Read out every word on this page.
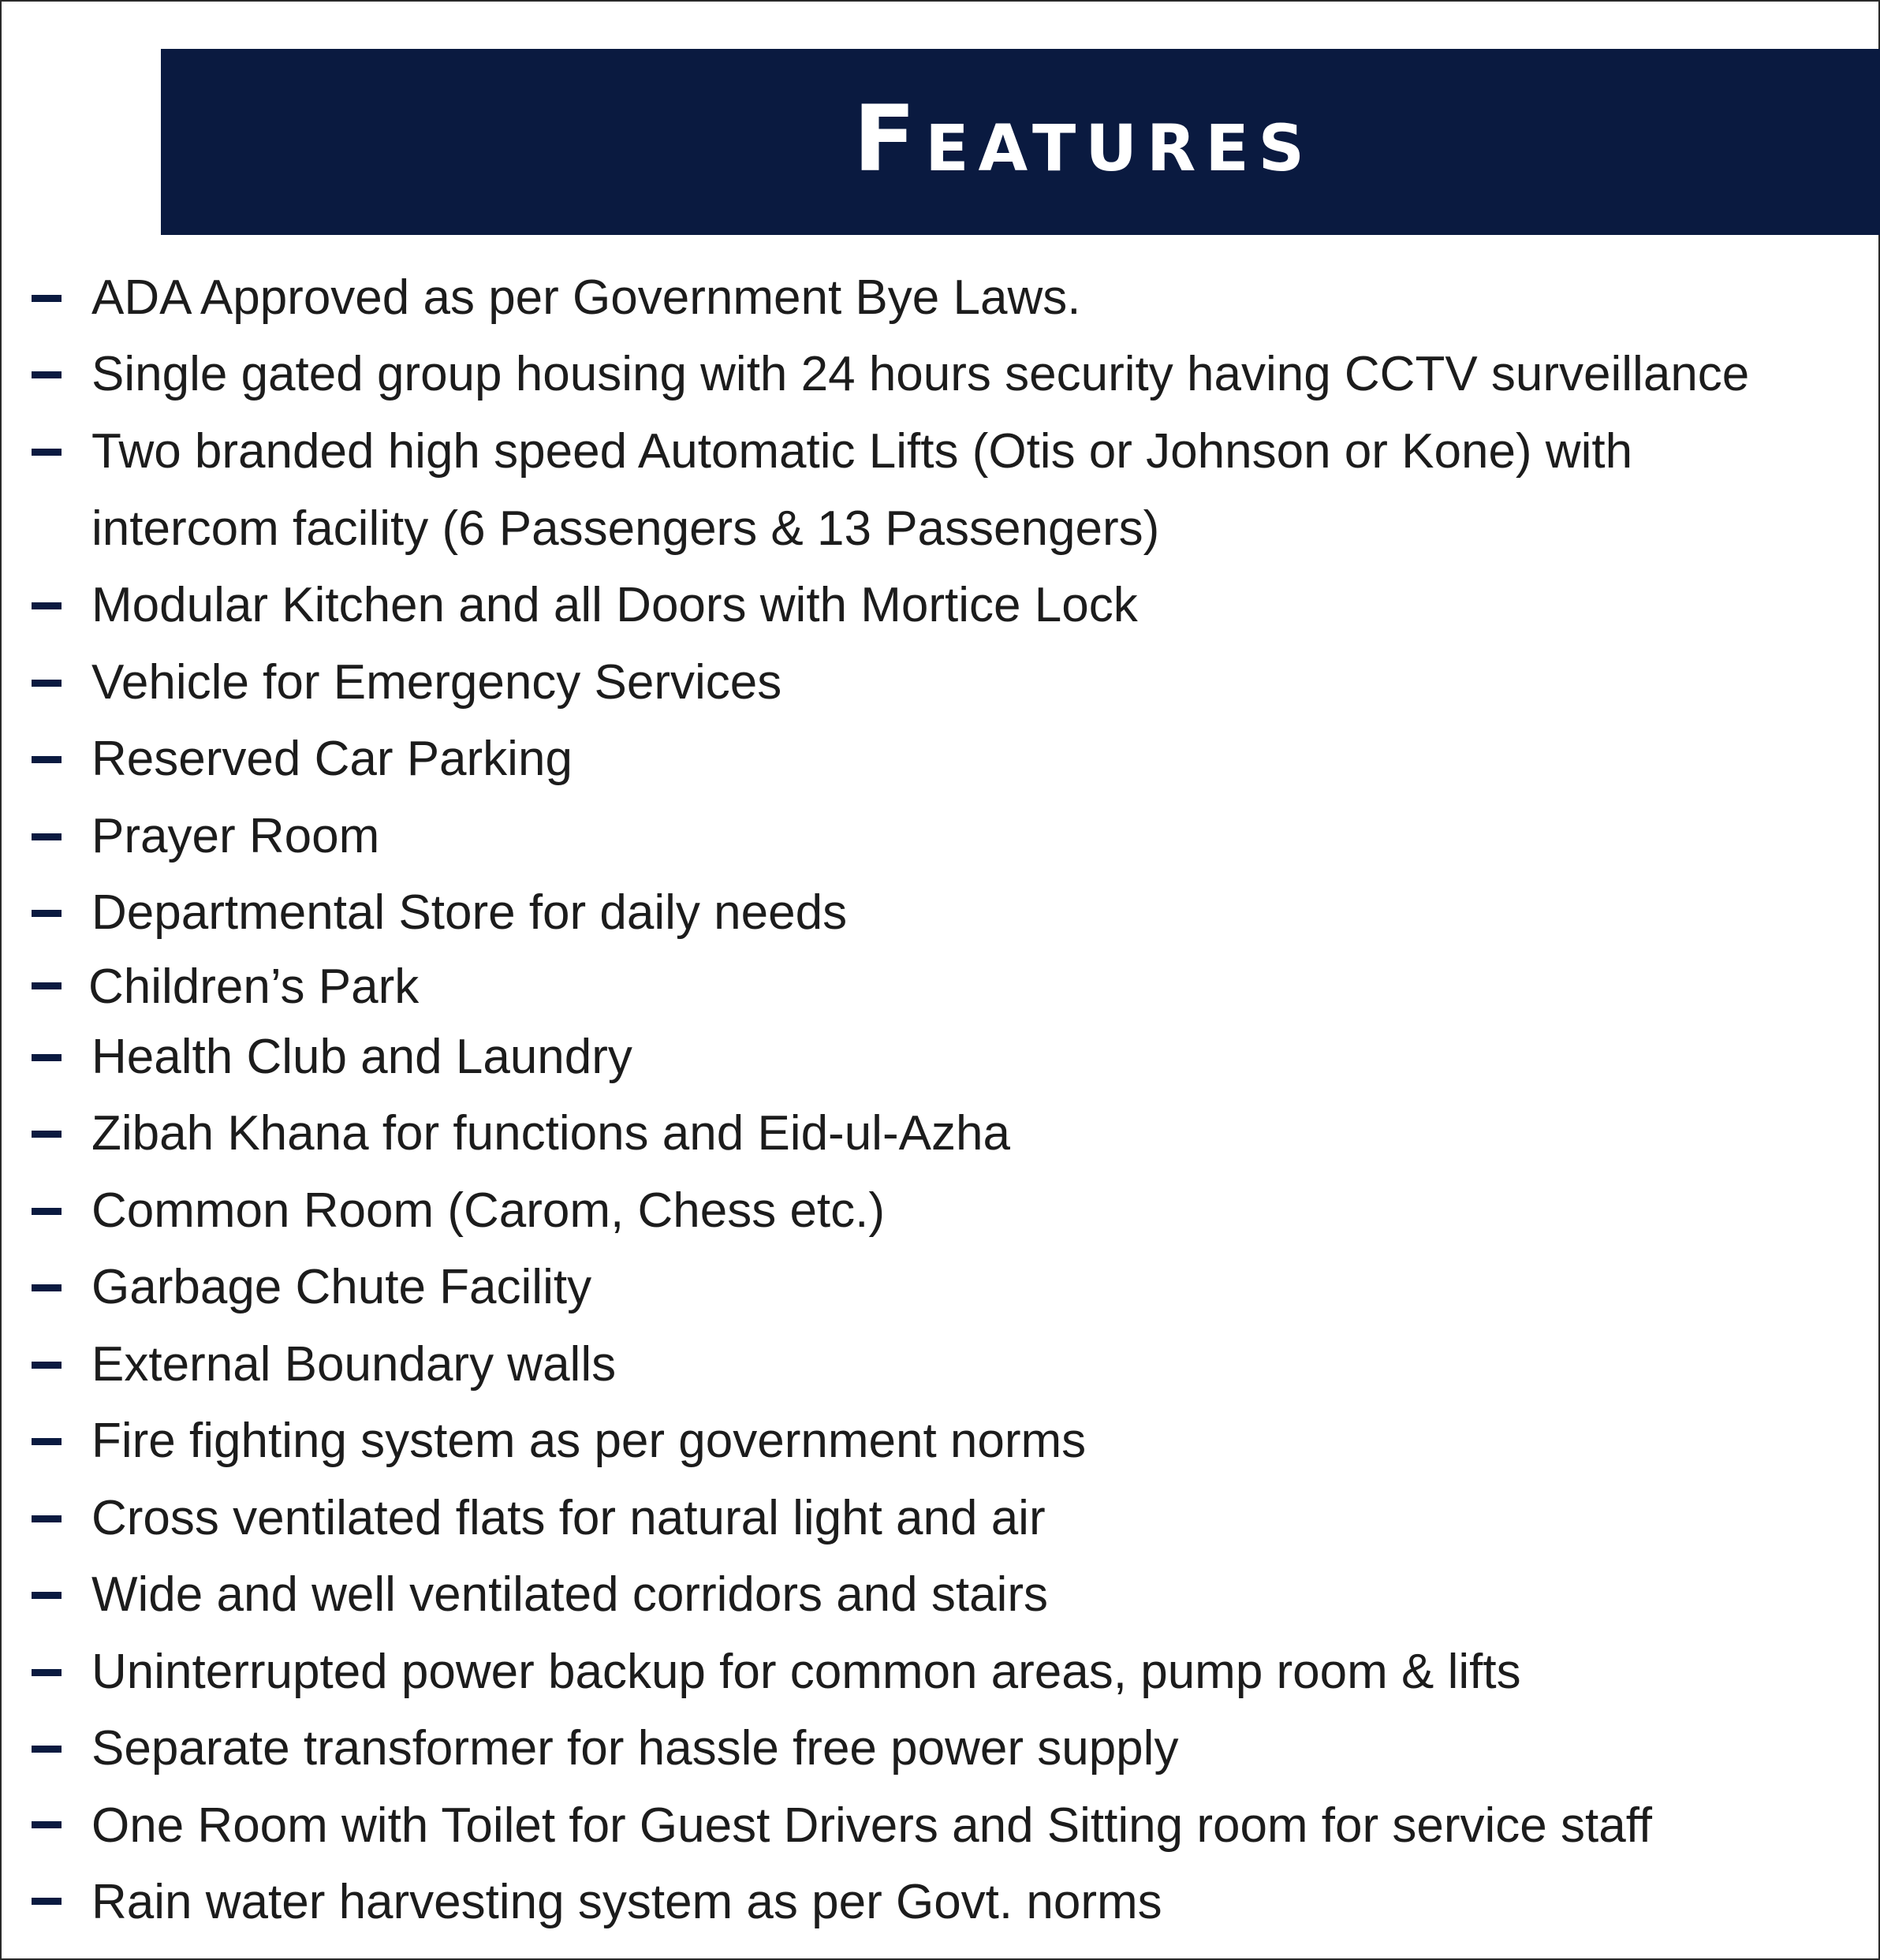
Features
ADA Approved as per Government Bye Laws.
Single gated group housing with 24 hours security having CCTV surveillance
Two branded high speed Automatic Lifts (Otis or Johnson or Kone) with
intercom facility (6 Passengers & 13 Passengers)
Modular Kitchen and all Doors with Mortice Lock
Vehicle for Emergency Services
Reserved Car Parking
Prayer Room
Departmental Store for daily needs
Children’s Park
Health Club and Laundry
Zibah Khana for functions and Eid-ul-Azha
Common Room (Carom, Chess etc.)
Garbage Chute Facility
External Boundary walls
Fire fighting system as per government norms
Cross ventilated flats for natural light and air
Wide and well ventilated corridors and stairs
Uninterrupted power backup for common areas, pump room & lifts
Separate transformer for hassle free power supply
One Room with Toilet for Guest Drivers and Sitting room for service staff
Rain water harvesting system as per Govt. norms
